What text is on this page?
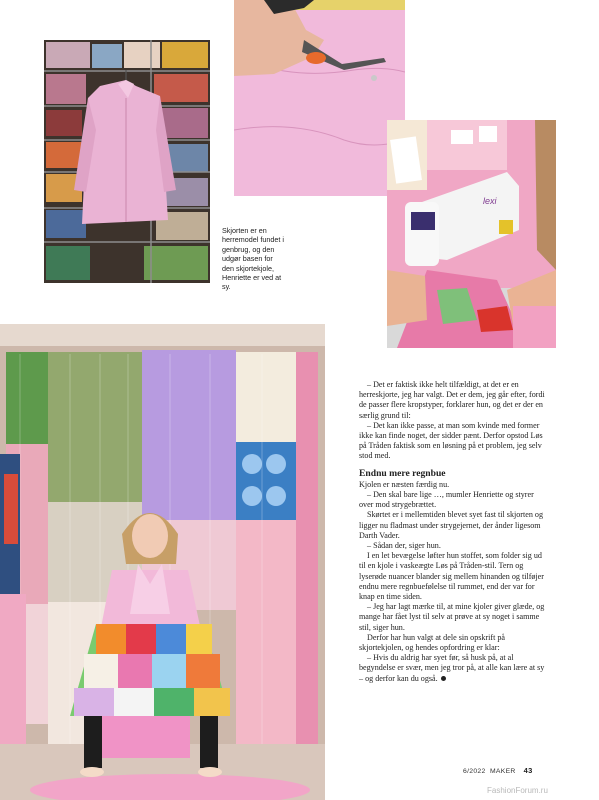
lexi
Skjorten er en herremodel fundet i genbrug, og den udgør basen for den skjortekjole, Henriette er ved at sy.

– Det er faktisk ikke helt tilfældigt, at det er en herreskjorte, jeg har valgt. Det er dem, jeg går efter, fordi de passer flere kropstyper, forklarer hun, og det er der en særlig grund til:

– Det kan ikke passe, at man som kvinde med former ikke kan finde noget, der sidder pænt. Derfor opstod Løs på Tråden faktisk som en løsning på et problem, jeg selv stod med.

Endnu mere regnbue

Kjolen er næsten færdig nu.

– Den skal bare lige …, mumler Henriette og styrer over mod strygebrættet.

Skørtet er i mellemtiden blevet syet fast til skjorten og ligger nu fladmast under strygejernet, der ånder ligesom Darth Vader.

– Sådan der, siger hun.

I en let bevægelse løfter hun stoffet, som folder sig ud til en kjole i vaskeægte Løs på Tråden-stil. Tern og lyserøde nuancer blander sig mellem hinanden og tilføjer endnu mere regnbuefølelse til rummet, end der var for knap en time siden.

– Jeg har lagt mærke til, at mine kjoler giver glæde, og mange har fået lyst til selv at prøve at sy noget i samme stil, siger hun.

Derfor har hun valgt at dele sin opskrift på skjortekjolen, og hendes opfordring er klar:

– Hvis du aldrig har syet før, så husk på, at al begyndelse er svær, men jeg tror på, at alle kan lære at sy – og derfor kan du også.

6/2022  MAKER 43
FashionForum.ru
